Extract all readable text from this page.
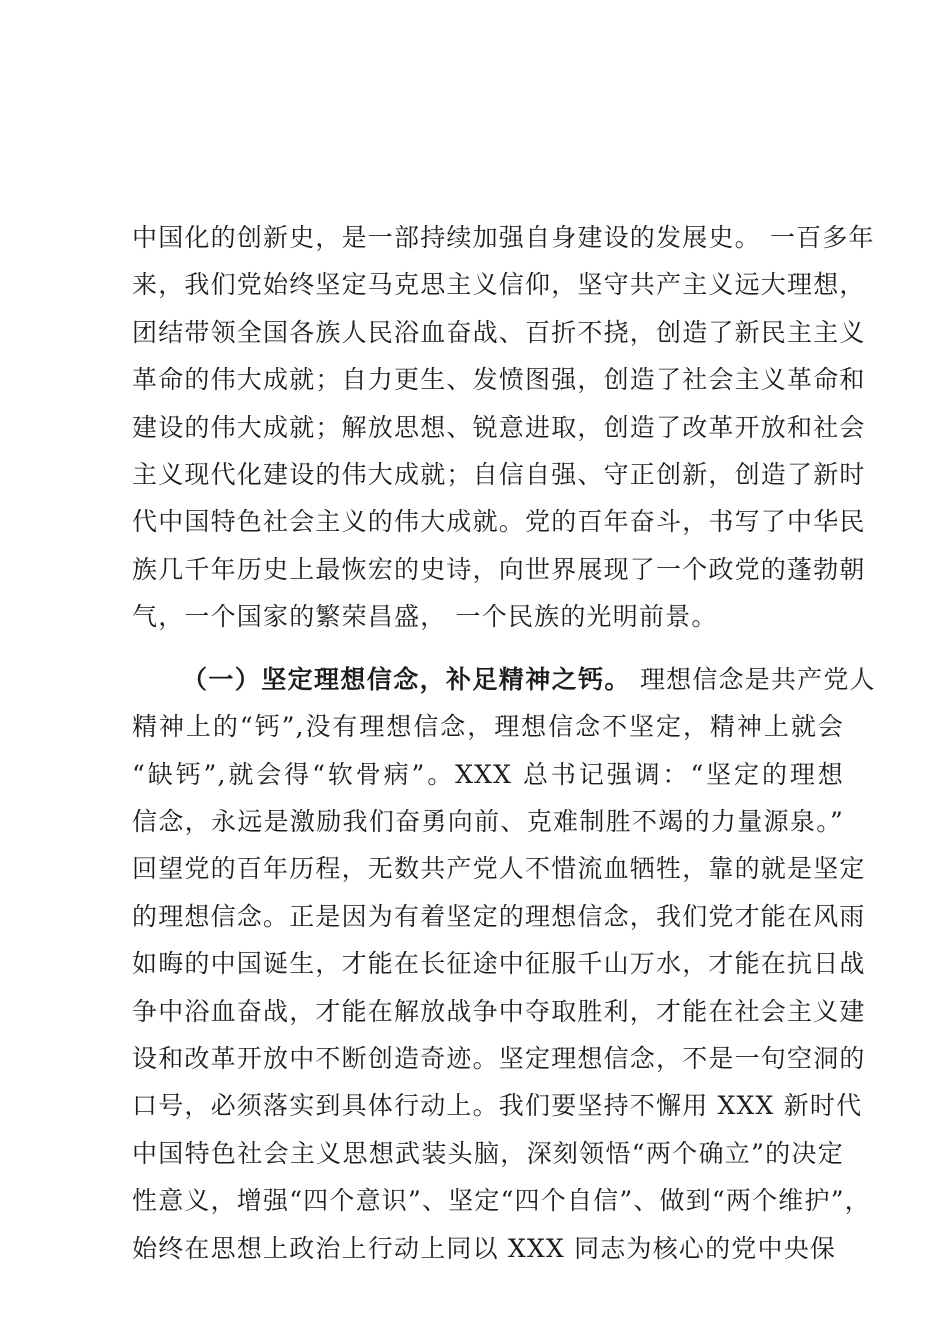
中国化的创新史，是一部持续加强自身建设的发展史。 一百多年
来，我们党始终坚定马克思主义信仰，坚守共产主义远大理想，
团结带领全国各族人民浴血奋战、百折不挠，创造了新民主主义
革命的伟大成就；自力更生、发愤图强，创造了社会主义革命和
建设的伟大成就；解放思想、锐意进取，创造了改革开放和社会
主义现代化建设的伟大成就；自信自强、守正创新，创造了新时
代中国特色社会主义的伟大成就。党的百年奋斗，书写了中华民
族几千年历史上最恢宏的史诗，向世界展现了一个政党的蓬勃朝
气，一个国家的繁荣昌盛， 一个民族的光明前景。
（一）坚定理想信念，补足精神之钙。 理想信念是共产党人
精神上的“钙”,没有理想信念，理想信念不坚定，精神上就会
“缺钙”,就会得“软骨病”。XXX 总书记强调：“坚定的理想
信念，永远是激励我们奋勇向前、克难制胜不竭的力量源泉。”
回望党的百年历程，无数共产党人不惜流血牺牲，靠的就是坚定
的理想信念。正是因为有着坚定的理想信念，我们党才能在风雨
如晦的中国诞生，才能在长征途中征服千山万水，才能在抗日战
争中浴血奋战，才能在解放战争中夺取胜利，才能在社会主义建
设和改革开放中不断创造奇迹。坚定理想信念，不是一句空洞的
口号，必须落实到具体行动上。我们要坚持不懈用 XXX 新时代
中国特色社会主义思想武装头脑，深刻领悟“两个确立”的决定
性意义，增强“四个意识”、坚定“四个自信”、做到“两个维护”，
始终在思想上政治上行动上同以 XXX 同志为核心的党中央保
